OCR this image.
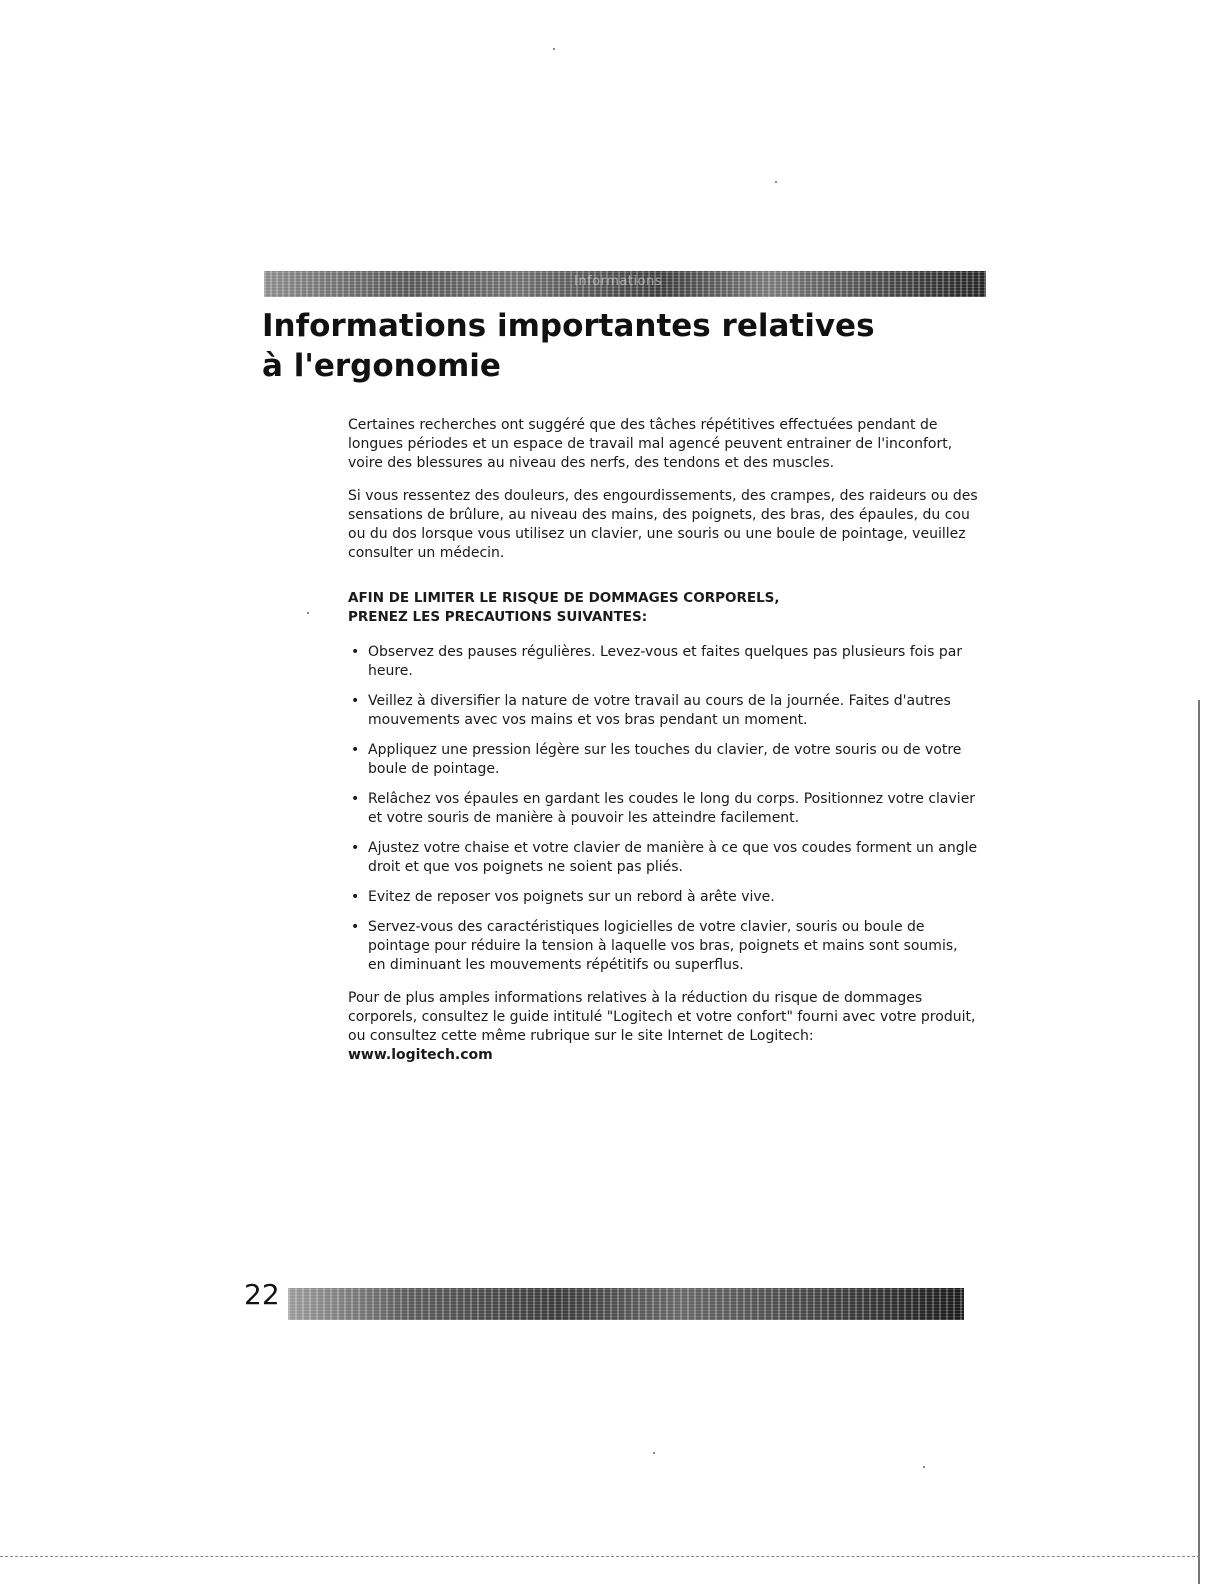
Informations
Informations importantes relatives
à l'ergonomie

Certaines recherches ont suggéré que des tâches répétitives effectuées pendant de longues périodes et un espace de travail mal agencé peuvent entrainer de l'inconfort, voire des blessures au niveau des nerfs, des tendons et des muscles.

Si vous ressentez des douleurs, des engourdissements, des crampes, des raideurs ou des sensations de brûlure, au niveau des mains, des poignets, des bras, des épaules, du cou ou du dos lorsque vous utilisez un clavier, une souris ou une boule de pointage, veuillez consulter un médecin.

AFIN DE LIMITER LE RISQUE DE DOMMAGES CORPORELS,
PRENEZ LES PRECAUTIONS SUIVANTES:
• Observez des pauses régulières. Levez-vous et faites quelques pas plusieurs fois par heure.
• Veillez à diversifier la nature de votre travail au cours de la journée. Faites d'autres mouvements avec vos mains et vos bras pendant un moment.
• Appliquez une pression légère sur les touches du clavier, de votre souris ou de votre boule de pointage.
• Relâchez vos épaules en gardant les coudes le long du corps. Positionnez votre clavier et votre souris de manière à pouvoir les atteindre facilement.
• Ajustez votre chaise et votre clavier de manière à ce que vos coudes forment un angle droit et que vos poignets ne soient pas pliés.
• Evitez de reposer vos poignets sur un rebord à arête vive.
• Servez-vous des caractéristiques logicielles de votre clavier, souris ou boule de pointage pour réduire la tension à laquelle vos bras, poignets et mains sont soumis, en diminuant les mouvements répétitifs ou superflus.

Pour de plus amples informations relatives à la réduction du risque de dommages corporels, consultez le guide intitulé "Logitech et votre confort" fourni avec votre produit, ou consultez cette même rubrique sur le site Internet de Logitech:
www.logitech.com

22
